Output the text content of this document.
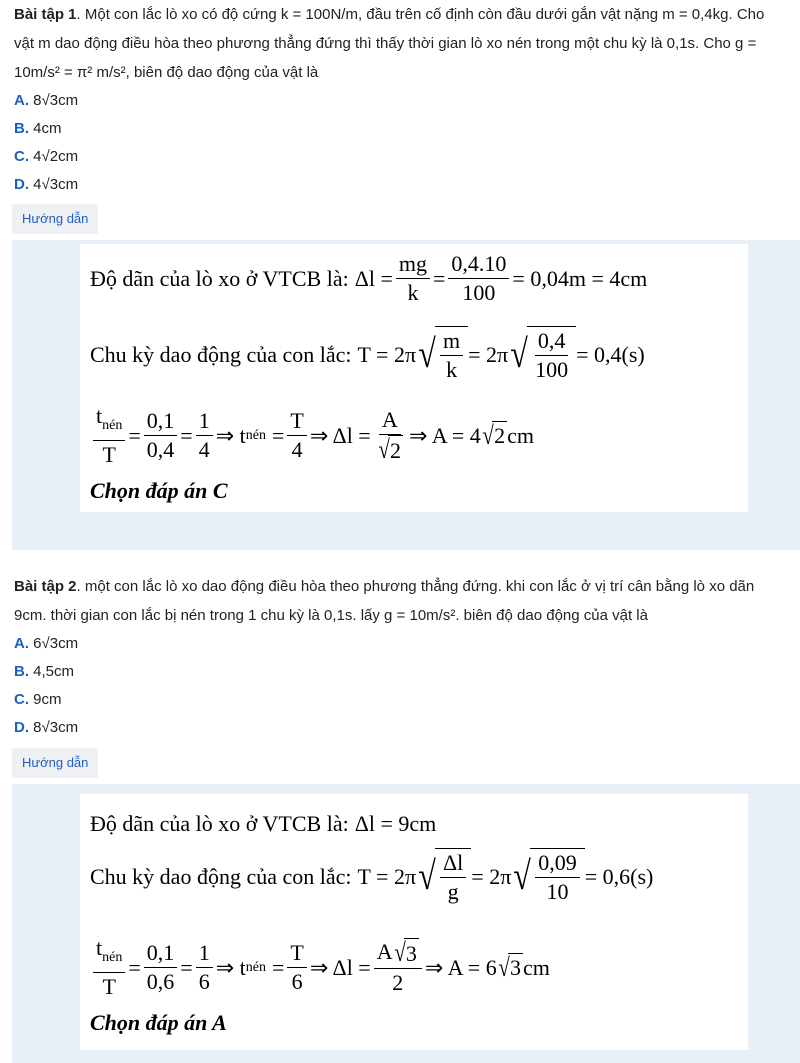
Bài tập 1. Một con lắc lò xo có độ cứng k = 100N/m, đầu trên cố định còn đầu dưới gắn vật nặng m = 0,4kg. Cho
vật m dao động điều hòa theo phương thẳng đứng thì thấy thời gian lò xo nén trong một chu kỳ là 0,1s. Cho g =
10m/s² = π² m/s², biên độ dao động của vật là

A. 8√3cm
B. 4cm
C. 4√2cm
D. 4√3cm
Hướng dẫn
Độ dãn của lò xo ở VTCB là: $\Delta l = \frac{mg}{k} = \frac{0,4.10}{100} = 0,04m = 4cm$
Chu kỳ dao động của con lắc: T = 2π √ $\frac{m}{k} = 2\pi$ √ $\frac{0,4}{100} = 0,4(s)$
$\frac{t_{nén}}{T} = \frac{0,1}{0,4} = \frac{1}{4}$ ⇒ t nén = $\frac{T}{4}$ ⇒ $\Delta l = \frac{A}{√ 2}$ ⇒ A = 4 √ 2 cm
Chọn đáp án C

Bài tập 2. một con lắc lò xo dao động điều hòa theo phương thẳng đứng. khi con lắc ở vị trí cân bằng lò xo dãn
9cm. thời gian con lắc bị nén trong 1 chu kỳ là 0,1s. lấy g = 10m/s². biên độ dao động của vật là

A. 6√3cm
B. 4,5cm
C. 9cm
D. 8√3cm
Hướng dẫn
Độ dãn của lò xo ở VTCB là: Δl = 9cm
Chu kỳ dao động của con lắc: T = 2π √ $\frac{\Delta l}{g} = 2\pi$ √ $\frac{0,09}{10} = 0,6(s)$
$\frac{t_{nén}}{T} = \frac{0,1}{0,6} = \frac{1}{6}$ ⇒ t nén = $\frac{T}{6}$ ⇒ $\Delta l = \frac{A √ 3}{2}$ ⇒ A = 6 √ 3 cm
Chọn đáp án A
